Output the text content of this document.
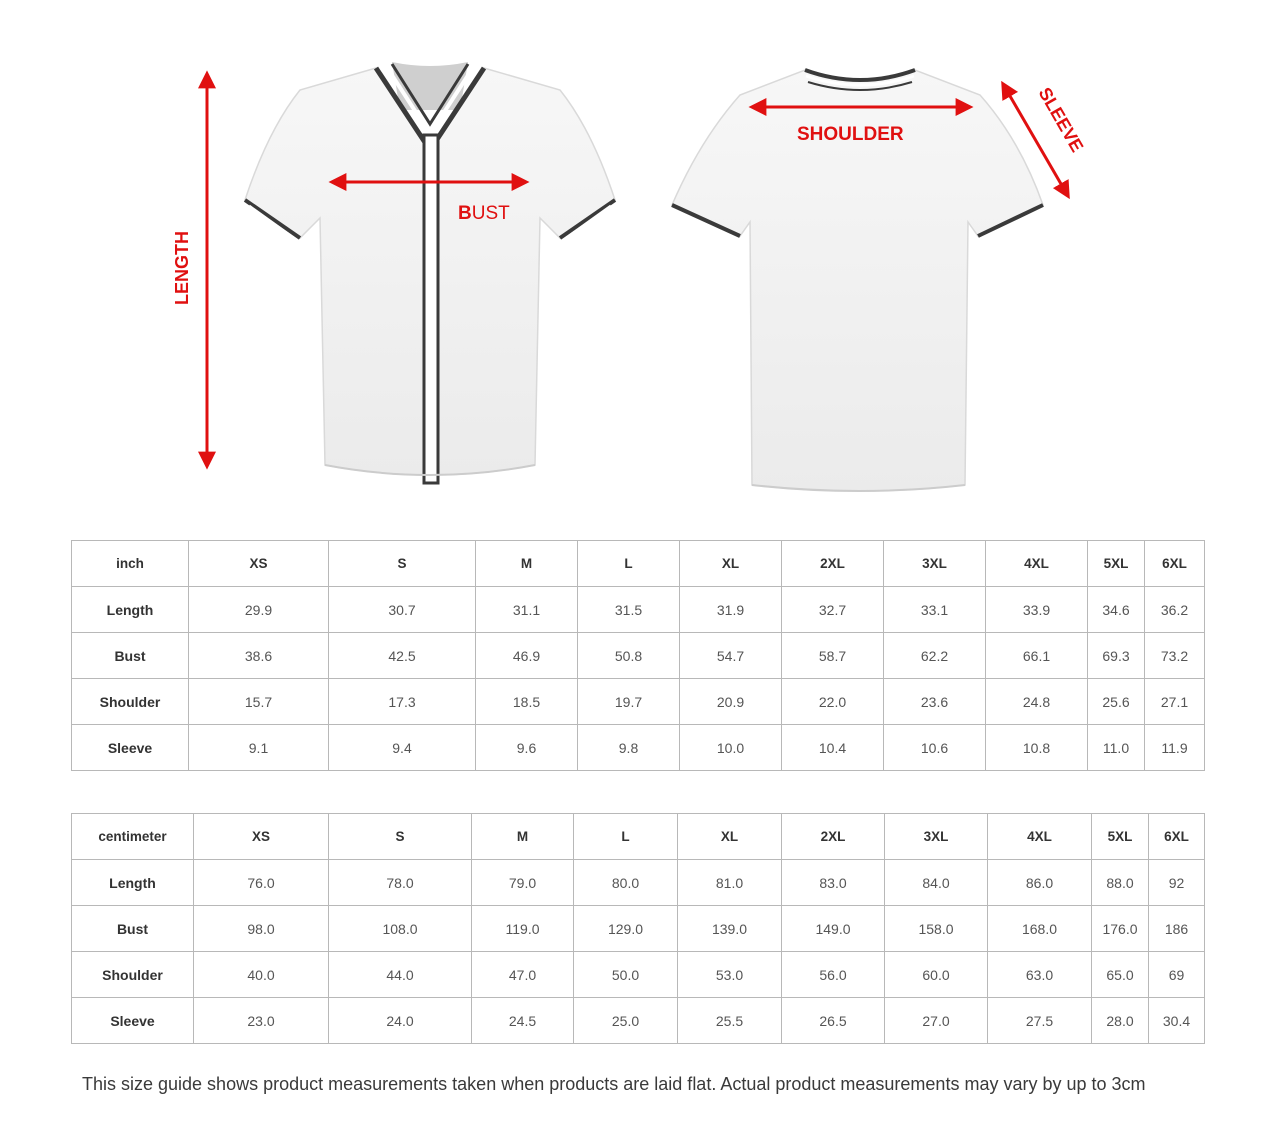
LENGTH
BUST
SHOULDER	SLEEVE
inch	XS	S	M	L	XL	2XL	3XL	4XL	5XL	6XL
Length	29.9	30.7	31.1	31.5	31.9	32.7	33.1	33.9	34.6	36.2
Bust	38.6	42.5	46.9	50.8	54.7	58.7	62.2	66.1	69.3	73.2
Shoulder	15.7	17.3	18.5	19.7	20.9	22.0	23.6	24.8	25.6	27.1
Sleeve	9.1	9.4	9.6	9.8	10.0	10.4	10.6	10.8	11.0	11.9
centimeter	XS	S	M	L	XL	2XL	3XL	4XL	5XL	6XL
Length	76.0	78.0	79.0	80.0	81.0	83.0	84.0	86.0	88.0	92
Bust	98.0	108.0	119.0	129.0	139.0	149.0	158.0	168.0	176.0	186
Shoulder	40.0	44.0	47.0	50.0	53.0	56.0	60.0	63.0	65.0	69
Sleeve	23.0	24.0	24.5	25.0	25.5	26.5	27.0	27.5	28.0	30.4
This size guide shows product measurements taken when products are laid flat. Actual product measurements may vary by up to 3cm
